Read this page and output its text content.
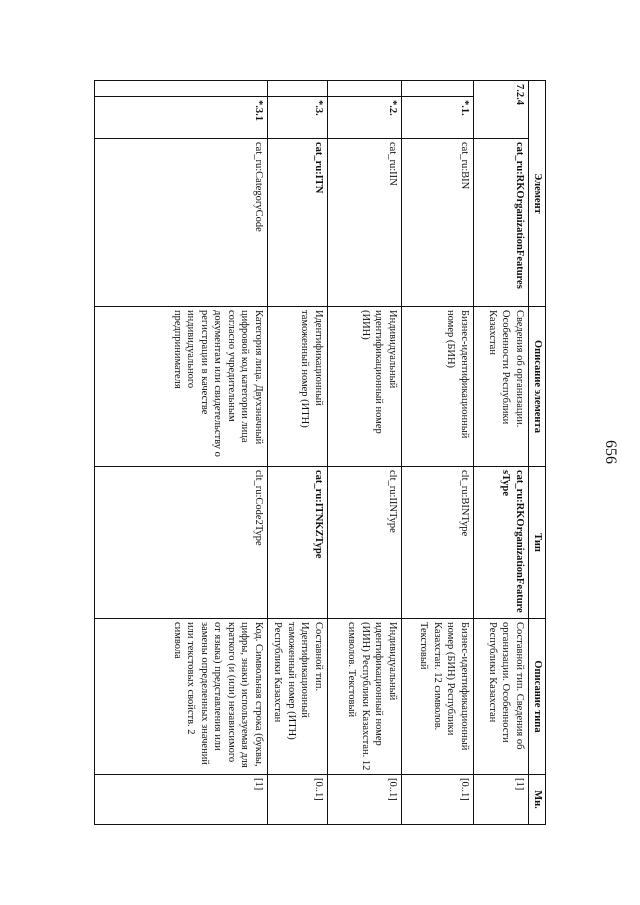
656
Элемент			Описание элемента	Тип	Описание типа	Мн.
7.2.4		cat_ru:RKOrganizationFeatures	Сведения об организации. Особенности Республики Казахстан	cat_ru:RKOrganizationFeaturesType	Составной тип. Сведения об организации. Особенности Республики Казахстан	[1]
	*.1.	cat_ru:BIN	Бизнес-идентификационный номер (БИН)	clt_ru:BINType	Бизнес-идентификационный номер (БИН) Республики Казахстан. 12 символов. Текстовый	[0..1]
	*.2.	cat_ru:IIN	Индивидуальный идентификационный номер (ИИН)	clt_ru:IINType	Индивидуальный идентификационный номер (ИИН) Республики Казахстан. 12 символов. Текстовый	[0..1]
	*.3.	cat_ru:ITN	Идентификационный таможенный номер (ИТН)	cat_ru:ITNKZType	Составной тип. Идентификационный таможенный номер (ИТН) Республики Казахстан	[0..1]
	*.3.1	cat_ru:CategoryCode	Категория лица. Двухзначный цифровой код категории лица согласно учредительным документам или свидетельству о регистрации в качестве индивидуального предпринимателя	clt_ru:Code2Type	Код. Символьная строка (буквы, цифры, знаки) используемая для краткого (и (или) независимого от языка) представления или замены определенных значений или текстовых свойств. 2 символа	[1]
